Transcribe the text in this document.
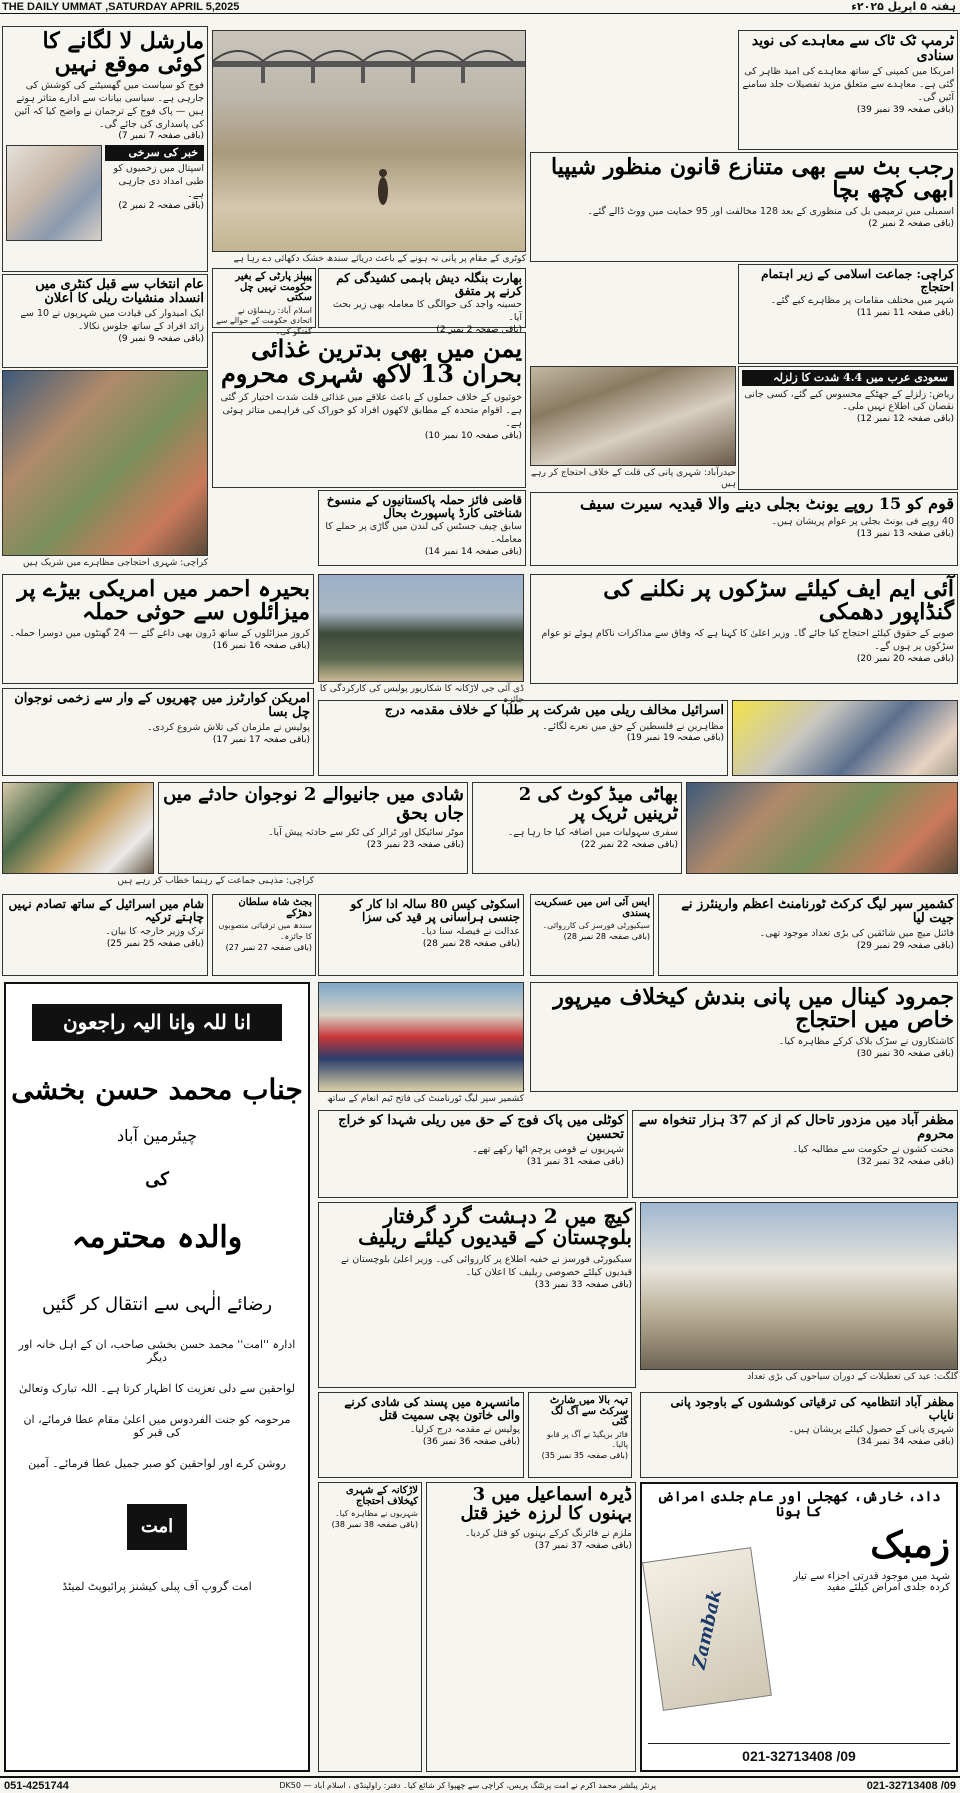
THE DAILY UMMAT ,SATURDAY APRIL 5,2025	ہفتہ ۵ اپریل ۲۰۲۵ء
مارشل لا لگانے کا کوئی موقع نہیں
فوج کو سیاست میں گھسیٹنے کی کوشش کی جارہی ہے۔ سیاسی بیانات سے ادارے متاثر ہوتے ہیں — پاک فوج کے ترجمان نے واضح کیا کہ آئین کی پاسداری کی جائے گی۔
(باقی صفحہ 7 نمبر 7)
خبر کی سرخی
اسپتال میں زخمیوں کو طبی امداد دی جارہی ہے۔
(باقی صفحہ 2 نمبر 2)
عام انتخاب سے قبل کنٹری میں انسداد منشیات ریلی کا اعلان
ایک امیدوار کی قیادت میں شہریوں نے 10 سے زائد افراد کے ساتھ جلوس نکالا۔
(باقی صفحہ 9 نمبر 9)
کراچی: شہری احتجاجی مظاہرے میں شریک ہیں
کوٹری کے مقام پر پانی نہ ہونے کے باعث دریائے سندھ خشک دکھائی دے رہا ہے
بھارت بنگلہ دیش باہمی کشیدگی کم کرنے پر متفق
حسینہ واجد کی حوالگی کا معاملہ بھی زیر بحث آیا۔
(باقی صفحہ 2 نمبر 2)
پیپلز پارٹی کے بغیر حکومت نہیں چل سکتی
اسلام آباد: رہنماؤں نے اتحادی حکومت کے حوالے سے گفتگو کی۔
یمن میں بھی بدترین غذائی بحران 13 لاکھ شہری محروم
خوثیوں کے خلاف حملوں کے باعث علاقے میں غذائی قلت شدت اختیار کر گئی ہے۔ اقوام متحدہ کے مطابق لاکھوں افراد کو خوراک کی فراہمی متاثر ہوئی ہے۔
(باقی صفحہ 10 نمبر 10)
قاضی فائز حملہ پاکستانیوں کے منسوخ شناختی کارڈ پاسپورٹ بحال
سابق چیف جسٹس کی لندن میں گاڑی پر حملے کا معاملہ۔
(باقی صفحہ 14 نمبر 14)
ٹرمپ ٹک ٹاک سے معاہدے کی نوید سنادی
امریکا میں کمپنی کے ساتھ معاہدے کی امید ظاہر کی گئی ہے۔ معاہدے سے متعلق مزید تفصیلات جلد سامنے آئیں گی۔
(باقی صفحہ 39 نمبر 39)
رجب بٹ سے بھی متنازع قانون منظور شیپیا ابھی کچھ بچا
اسمبلی میں ترمیمی بل کی منظوری کے بعد 128 مخالفت اور 95 حمایت میں ووٹ ڈالے گئے۔
(باقی صفحہ 2 نمبر 2)
کراچی: جماعت اسلامی کے زیر اہتمام احتجاج
شہر میں مختلف مقامات پر مظاہرے کیے گئے۔
(باقی صفحہ 11 نمبر 11)
سعودی عرب میں 4.4 شدت کا زلزلہ
ریاض: زلزلے کے جھٹکے محسوس کیے گئے، کسی جانی نقصان کی اطلاع نہیں ملی۔
(باقی صفحہ 12 نمبر 12)
حیدرآباد: شہری پانی کی قلت کے خلاف احتجاج کر رہے ہیں
قوم کو 15 روپے یونٹ بجلی دینے والا قیدیہ سیرت سیف
40 روپے فی یونٹ بجلی پر عوام پریشان ہیں۔
(باقی صفحہ 13 نمبر 13)
بحیرہ احمر میں امریکی بیڑے پر میزائلوں سے حوثی حملہ
کروز میزائلوں کے ساتھ ڈرون بھی داغے گئے — 24 گھنٹوں میں دوسرا حملہ۔
(باقی صفحہ 16 نمبر 16)
ڈی آئی جی لاڑکانہ کا شکارپور پولیس کی کارکردگی کا جائزہ
آئی ایم ایف کیلئے سڑکوں پر نکلنے کی گنڈاپور دھمکی
صوبے کے حقوق کیلئے احتجاج کیا جائے گا۔ وزیر اعلیٰ کا کہنا ہے کہ وفاق سے مذاکرات ناکام ہوئے تو عوام سڑکوں پر ہوں گے۔
(باقی صفحہ 20 نمبر 20)
امریکن کوارٹرز میں چھریوں کے وار سے زخمی نوجوان چل بسا
پولیس نے ملزمان کی تلاش شروع کردی۔
(باقی صفحہ 17 نمبر 17)
اسرائیل مخالف ریلی میں شرکت پر طلبا کے خلاف مقدمہ درج
مظاہرین نے فلسطین کے حق میں نعرے لگائے۔
(باقی صفحہ 19 نمبر 19)
کراچی: مذہبی جماعت کے رہنما خطاب کر رہے ہیں
شادی میں جانیوالے 2 نوجوان حادثے میں جاں بحق
موٹر سائیکل اور ٹرالر کی ٹکر سے حادثہ پیش آیا۔
(باقی صفحہ 23 نمبر 23)
بھاٹی میڈ کوٹ کی 2 ٹرینیں ٹریک پر
سفری سہولیات میں اضافہ کیا جا رہا ہے۔
(باقی صفحہ 22 نمبر 22)
شام میں اسرائیل کے ساتھ تصادم نہیں چاہتے ترکیہ
ترک وزیر خارجہ کا بیان۔
(باقی صفحہ 25 نمبر 25)
بجٹ شاہ سلطان دھڑکے
سندھ میں ترقیاتی منصوبوں کا جائزہ۔
(باقی صفحہ 27 نمبر 27)
اسکوٹی کیس 80 سالہ ادا کار کو جنسی ہراسانی پر قید کی سزا
عدالت نے فیصلہ سنا دیا۔
(باقی صفحہ 28 نمبر 28)
ایس آئی اس میں عسکریت پسندی
سیکیورٹی فورسز کی کارروائی۔
(باقی صفحہ 28 نمبر 28)
کشمیر سپر لیگ کرکٹ ٹورنامنٹ اعظم وارینئرز نے جیت لیا
فائنل میچ میں شائقین کی بڑی تعداد موجود تھی۔
(باقی صفحہ 29 نمبر 29)
انا للہ وانا الیہ راجعون
جناب محمد حسن بخشی
چیئرمین آباد
کی
والدہ محترمہ
رضائے الٰہی سے انتقال کر گئیں
ادارہ ''امت'' محمد حسن بخشی صاحب، ان کے اہل خانہ اور دیگر
لواحقین سے دلی تعزیت کا اظہار کرتا ہے۔ اللہ تبارک وتعالیٰ
مرحومہ کو جنت الفردوس میں اعلیٰ مقام عطا فرمائے، ان کی قبر کو
روشن کرے اور لواحقین کو صبر جمیل عطا فرمائے۔ آمین
امت
امت گروپ آف پبلی کیشنز پرائیویٹ لمیٹڈ
کشمیر سپر لیگ ٹورنامنٹ کی فاتح ٹیم انعام کے ساتھ
جمرود کینال میں پانی بندش کیخلاف میرپور خاص میں احتجاج
کاشتکاروں نے سڑک بلاک کرکے مظاہرہ کیا۔
(باقی صفحہ 30 نمبر 30)
کوٹلی میں پاک فوج کے حق میں ریلی شہدا کو خراج تحسین
شہریوں نے قومی پرچم اٹھا رکھے تھے۔
(باقی صفحہ 31 نمبر 31)
مظفر آباد میں مزدور تاحال کم از کم 37 ہزار تنخواہ سے محروم
محنت کشوں نے حکومت سے مطالبہ کیا۔
(باقی صفحہ 32 نمبر 32)
کیچ میں 2 دہشت گرد گرفتار بلوچستان کے قیدیوں کیلئے ریلیف
سیکیورٹی فورسز نے خفیہ اطلاع پر کارروائی کی۔ وزیر اعلیٰ بلوچستان نے قیدیوں کیلئے خصوصی ریلیف کا اعلان کیا۔
(باقی صفحہ 33 نمبر 33)
گلگت: عید کی تعطیلات کے دوران سیاحوں کی بڑی تعداد
مانسہرہ میں پسند کی شادی کرنے والی خاتون بچی سمیت قتل
پولیس نے مقدمہ درج کرلیا۔
(باقی صفحہ 36 نمبر 36)
تہہ بالا میں شارٹ سرکٹ سے آگ لگ گئی
فائر بریگیڈ نے آگ پر قابو پالیا۔
(باقی صفحہ 35 نمبر 35)
مظفر آباد انتظامیہ کی ترقیاتی کوششوں کے باوجود پانی نایاب
شہری پانی کے حصول کیلئے پریشان ہیں۔
(باقی صفحہ 34 نمبر 34)
لاڑکانہ کے شہری کیخلاف احتجاج
شہریوں نے مظاہرہ کیا۔
(باقی صفحہ 38 نمبر 38)
ڈیرہ اسماعیل میں 3 بہنوں کا لرزہ خیز قتل
ملزم نے فائرنگ کرکے بہنوں کو قتل کردیا۔
(باقی صفحہ 37 نمبر 37)
داد، خارش، کھجلی اور عام جلدی امراض کا ہونا
زمبک
شہد میں موجود قدرتی اجزاء سے تیار کردہ جلدی امراض کیلئے مفید
Zambak
021-32713408 /09
051-4251744	پرنٹر پبلشر محمد اکرم نے امت پرنٹنگ پریس، کراچی سے چھپوا کر شائع کیا۔ دفتر: راولپنڈی ، اسلام آباد — DK50	021-32713408 /09
